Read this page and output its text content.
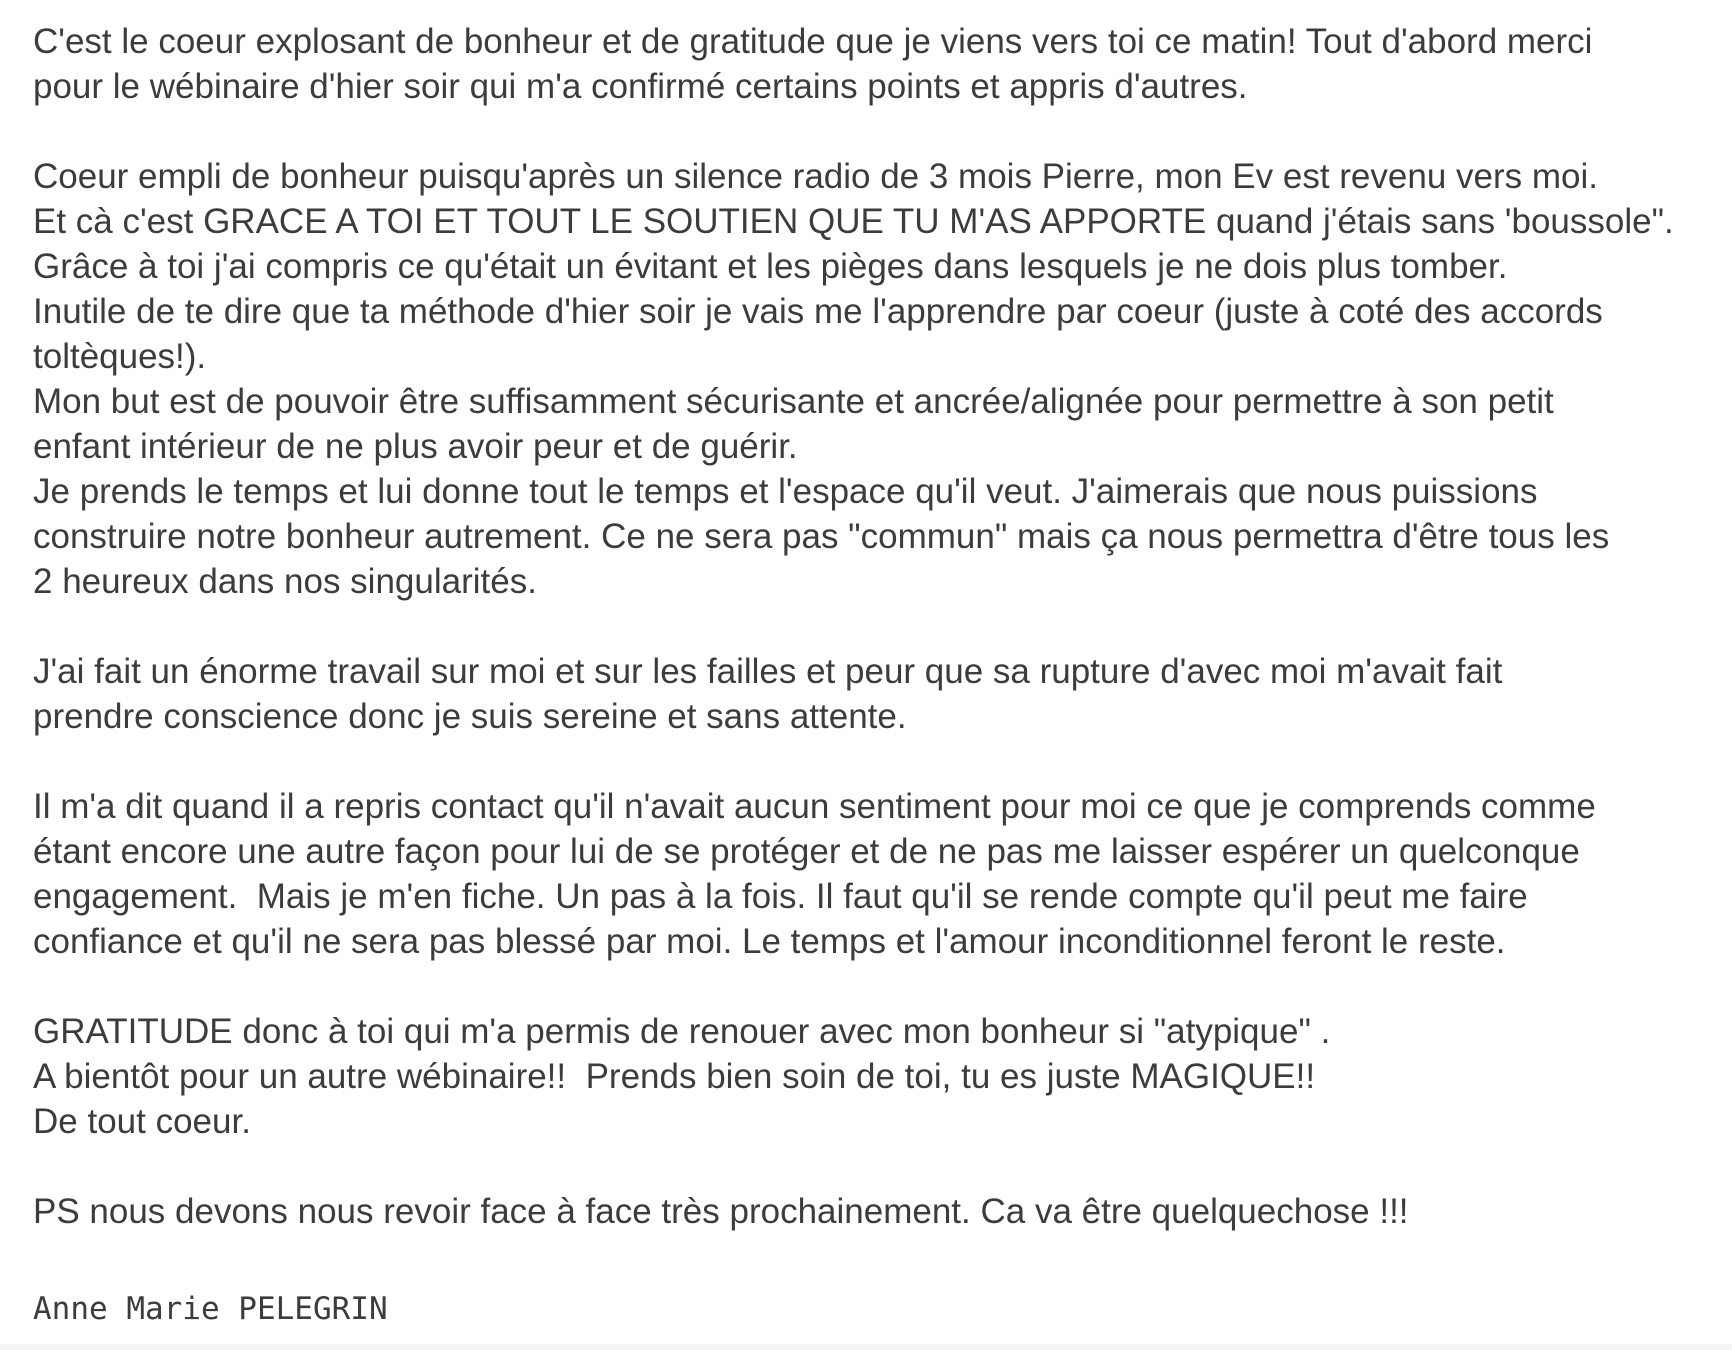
C'est le coeur explosant de bonheur et de gratitude que je viens vers toi ce matin! Tout d'abord merci
pour le wébinaire d'hier soir qui m'a confirmé certains points et appris d'autres.
Coeur empli de bonheur puisqu'après un silence radio de 3 mois Pierre, mon Ev est revenu vers moi.
Et cà c'est GRACE A TOI ET TOUT LE SOUTIEN QUE TU M'AS APPORTE quand j'étais sans 'boussole".
Grâce à toi j'ai compris ce qu'était un évitant et les pièges dans lesquels je ne dois plus tomber.
Inutile de te dire que ta méthode d'hier soir je vais me l'apprendre par coeur (juste à coté des accords
toltèques!).
Mon but est de pouvoir être suffisamment sécurisante et ancrée/alignée pour permettre à son petit
enfant intérieur de ne plus avoir peur et de guérir.
Je prends le temps et lui donne tout le temps et l'espace qu'il veut. J'aimerais que nous puissions
construire notre bonheur autrement. Ce ne sera pas "commun" mais ça nous permettra d'être tous les
2 heureux dans nos singularités.
J'ai fait un énorme travail sur moi et sur les failles et peur que sa rupture d'avec moi m'avait fait
prendre conscience donc je suis sereine et sans attente.
Il m'a dit quand il a repris contact qu'il n'avait aucun sentiment pour moi ce que je comprends comme
étant encore une autre façon pour lui de se protéger et de ne pas me laisser espérer un quelconque
engagement.  Mais je m'en fiche. Un pas à la fois. Il faut qu'il se rende compte qu'il peut me faire
confiance et qu'il ne sera pas blessé par moi. Le temps et l'amour inconditionnel feront le reste.
GRATITUDE donc à toi qui m'a permis de renouer avec mon bonheur si "atypique" .
A bientôt pour un autre wébinaire!!  Prends bien soin de toi, tu es juste MAGIQUE!!
De tout coeur.
PS nous devons nous revoir face à face très prochainement. Ca va être quelquechose !!!
Anne Marie PELEGRIN
